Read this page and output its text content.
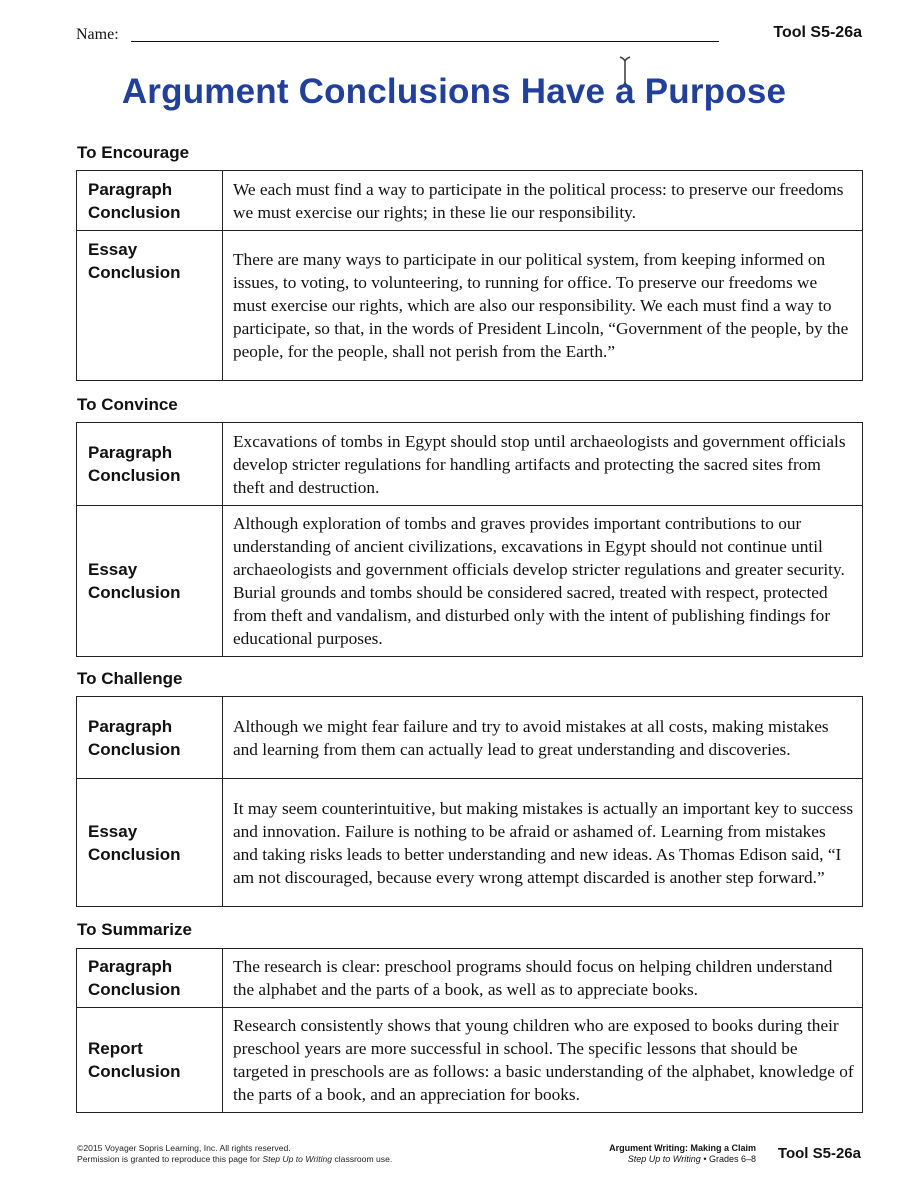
Name:	Tool S5-26a
Argument Conclusions Have a Purpose
To Encourage
Paragraph
Conclusion	We each must find a way to participate in the political process: to preserve our freedoms we must exercise our rights; in these lie our responsibility.
Essay
Conclusion	There are many ways to participate in our political system, from keeping informed on issues, to voting, to volunteering, to running for office. To preserve our freedoms we must exercise our rights, which are also our responsibility. We each must find a way to participate, so that, in the words of President Lincoln, “Government of the people, by the people, for the people, shall not perish from the Earth.”
To Convince
Paragraph
Conclusion	Excavations of tombs in Egypt should stop until archaeologists and government officials develop stricter regulations for handling artifacts and protecting the sacred sites from theft and destruction.
Essay
Conclusion	Although exploration of tombs and graves provides important contributions to our understanding of ancient civilizations, excavations in Egypt should not continue until archaeologists and government officials develop stricter regulations and greater security. Burial grounds and tombs should be considered sacred, treated with respect, protected from theft and vandalism, and disturbed only with the intent of publishing findings for educational purposes.
To Challenge
Paragraph
Conclusion	Although we might fear failure and try to avoid mistakes at all costs, making mistakes and learning from them can actually lead to great understanding and discoveries.
Essay
Conclusion	It may seem counterintuitive, but making mistakes is actually an important key to success and innovation. Failure is nothing to be afraid or ashamed of. Learning from mistakes and taking risks leads to better understanding and new ideas. As Thomas Edison said, “I am not discouraged, because every wrong attempt discarded is another step forward.”
To Summarize
Paragraph
Conclusion	The research is clear: preschool programs should focus on helping children understand the alphabet and the parts of a book, as well as to appreciate books.
Report
Conclusion	Research consistently shows that young children who are exposed to books during their preschool years are more successful in school. The specific lessons that should be targeted in preschools are as follows: a basic understanding of the alphabet, knowledge of the parts of a book, and an appreciation for books.
©2015 Voyager Sopris Learning, Inc. All rights reserved.
Permission is granted to reproduce this page for Step Up to Writing classroom use.
Argument Writing: Making a Claim
Step Up to Writing • Grades 6–8 Tool S5-26a
